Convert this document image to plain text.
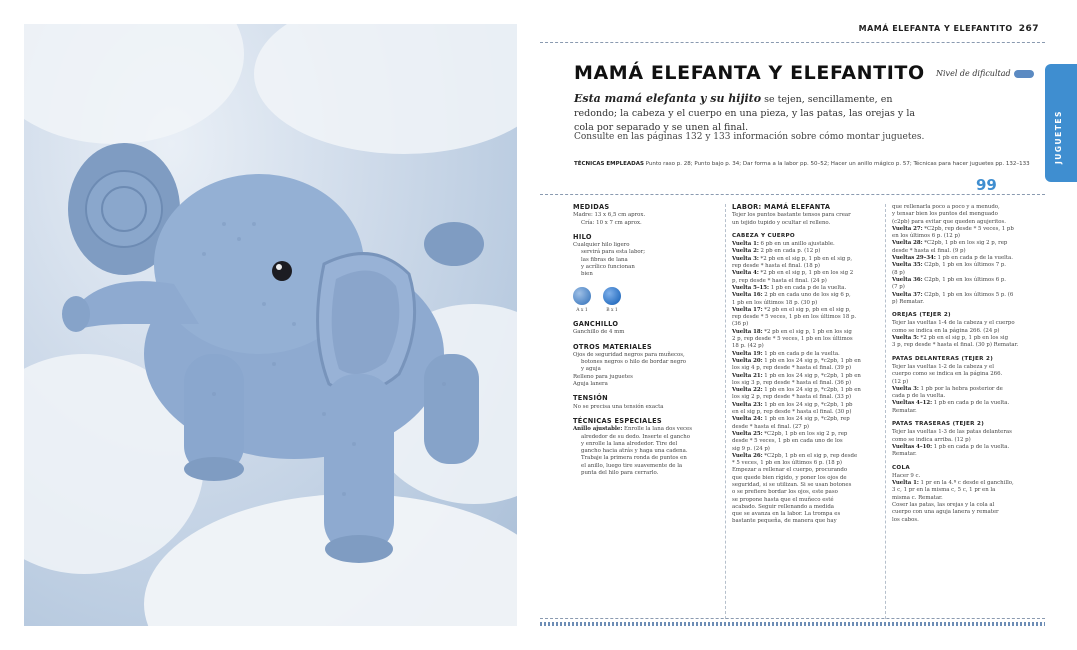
MAMÁ ELEFANTA Y ELEFANTITO 267
MAMÁ ELEFANTA Y ELEFANTITO Nivel de dificultad
Esta mamá elefanta y su hijito se tejen, sencillamente, en redondo; la cabeza y el cuerpo en una pieza, y las patas, las orejas y la cola por separado y se unen al final.
Consulte en las páginas 132 y 133 información sobre cómo montar juguetes.
TÉCNICAS EMPLEADAS Punto raso p. 28; Punto bajo p. 34; Dar forma a la labor pp. 50–52; Hacer un anillo mágico p. 57; Técnicas para hacer juguetes pp. 132–133
99
MEDIDAS
Madre: 13 x 6,5 cm aprox.
Cría: 10 x 7 cm aprox.
HILO
Cualquier hilo ligero
servirá para esta labor;
las fibras de lana
y acrílico funcionan
bien
A x 1	B x 1
GANCHILLO
Ganchillo de 4 mm
OTROS MATERIALES
Ojos de seguridad negros para muñecos,
botones negros o hilo de bordar negro
y aguja
Relleno para juguetes
Aguja lanera
TENSIÓN
No se precisa una tensión exacta
TÉCNICAS ESPECIALES
Anillo ajustable: Enrolle la lana dos veces
alrededor de su dedo. Inserte el gancho
y enrolle la lana alrededor. Tire del
gancho hacia atrás y haga una cadena.
Trabaje la primera ronda de puntos en
el anillo, luego tire suavemente de la
punta del hilo para cerrarlo.
LABOR: MAMÁ ELEFANTA
Tejer los puntos bastante tensos para crear
un tejido tupido y ocultar el relleno.
CABEZA Y CUERPO
Vuelta 1: 6 pb en un anillo ajustable.
Vuelta 2: 2 pb en cada p. (12 p)
Vuelta 3: *2 pb en el sig p, 1 pb en el sig p,
rep desde * hasta el final. (18 p)
Vuelta 4: *2 pb en el sig p, 1 pb en los sig 2
p, rep desde * hasta el final. (24 p)
Vuelta 5–15: 1 pb en cada p de la vuelta.
Vuelta 16: 2 pb en cada uno de los sig 6 p,
1 pb en los últimos 18 p. (30 p)
Vuelta 17: *2 pb en el sig p, pb en el sig p,
rep desde * 5 veces, 1 pb en los últimos 18 p.
(36 p)
Vuelta 18: *2 pb en el sig p, 1 pb en los sig
2 p, rep desde * 5 veces, 1 pb en los últimos
18 p. (42 p)
Vuelta 19: 1 pb en cada p de la vuelta.
Vuelta 20: 1 pb en los 24 sig p, *c2pb, 1 pb en
los sig 4 p, rep desde * hasta el final. (39 p)
Vuelta 21: 1 pb en los 24 sig p, *c2pb, 1 pb en
los sig 3 p, rep desde * hasta el final. (36 p)
Vuelta 22: 1 pb en los 24 sig p, *c2pb, 1 pb en
los sig 2 p, rep desde * hasta el final. (33 p)
Vuelta 23: 1 pb en los 24 sig p, *c2pb, 1 pb
en el sig p, rep desde * hasta el final. (30 p)
Vuelta 24: 1 pb en los 24 sig p, *c2pb, rep
desde * hasta el final. (27 p)
Vuelta 25: *C2pb, 1 pb en los sig 2 p, rep
desde * 5 veces, 1 pb en cada uno de los
sig 9 p. (24 p)
Vuelta 26: *C2pb, 1 pb en el sig p, rep desde
* 5 veces, 1 pb en los últimos 6 p. (18 p)
Empezar a rellenar el cuerpo, procurando
que quede bien rígido, y poner los ojos de
seguridad, si se utilizan. Si se usan botones
o se prefiere bordar los ojos, este paso
se propone hasta que el muñeco esté
acabado. Seguir rellenando a medida
que se avanza en la labor. La trompa es
bastante pequeña, de manera que hay
que rellenarla poco a poco y a menudo,
y tensar bien los puntos del menguado
(c2pb) para evitar que queden agujeritos.
Vuelta 27: *C2pb, rep desde * 5 veces, 1 pb
en los últimos 6 p. (12 p)
Vuelta 28: *C2pb, 1 pb en los sig 2 p, rep
desde * hasta el final. (9 p)
Vueltas 29–34: 1 pb en cada p de la vuelta.
Vuelta 35: C2pb, 1 pb en los últimos 7 p.
(8 p)
Vuelta 36: C2pb, 1 pb en los últimos 6 p.
(7 p)
Vuelta 37: C2pb, 1 pb en los últimos 5 p. (6
p) Rematar.
OREJAS (TEJER 2)
Tejer las vueltas 1-4 de la cabeza y el cuerpo
como se indica en la página 266. (24 p)
Vuelta 5: *2 pb en el sig p, 1 pb en los sig
3 p, rep desde * hasta el final. (30 p) Rematar.
PATAS DELANTERAS (TEJER 2)
Tejer las vueltas 1-2 de la cabeza y el
cuerpo como se indica en la página 266.
(12 p)
Vuelta 3: 1 pb por la hebra posterior de
cada p de la vuelta.
Vueltas 4–12: 1 pb en cada p de la vuelta.
Rematar.
PATAS TRASERAS (TEJER 2)
Tejer las vueltas 1-3 de las patas delanteras
como se indica arriba. (12 p)
Vueltas 4–10: 1 pb en cada p de la vuelta.
Rematar.
COLA
Hacer 9 c.
Vuelta 1: 1 pr en la 4.ª c desde el ganchillo,
3 c, 1 pr en la misma c, 5 c, 1 pr en la
misma c. Rematar.
Coser las patas, las orejas y la cola al
cuerpo con una aguja lanera y remater
los cabos.
JUGUETES
